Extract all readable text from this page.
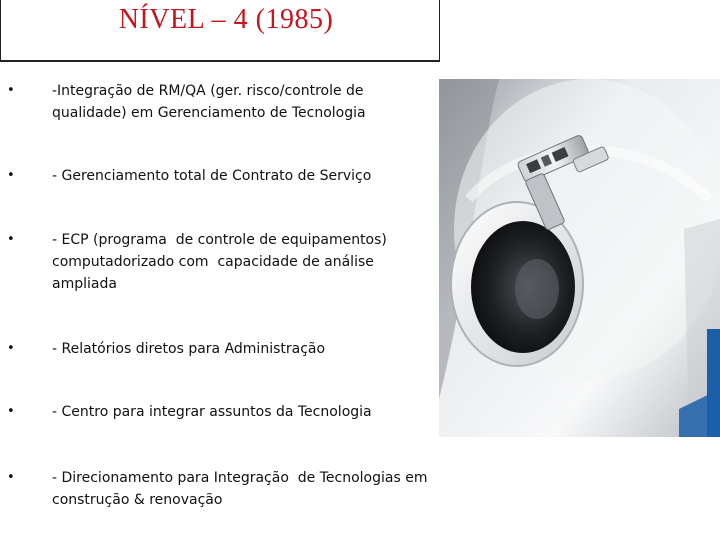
NÍVEL – 4 (1985)
•	-Integração de RM/QA (ger. risco/controle de qualidade) em Gerenciamento de Tecnologia
•	- Gerenciamento total de Contrato de Serviço
•	- ECP (programa  de controle de equipamentos) computadorizado com  capacidade de análise ampliada
•	- Relatórios diretos para Administração
•	- Centro para integrar assuntos da Tecnologia
•	- Direcionamento para Integração  de Tecnologias em  construção & renovação
